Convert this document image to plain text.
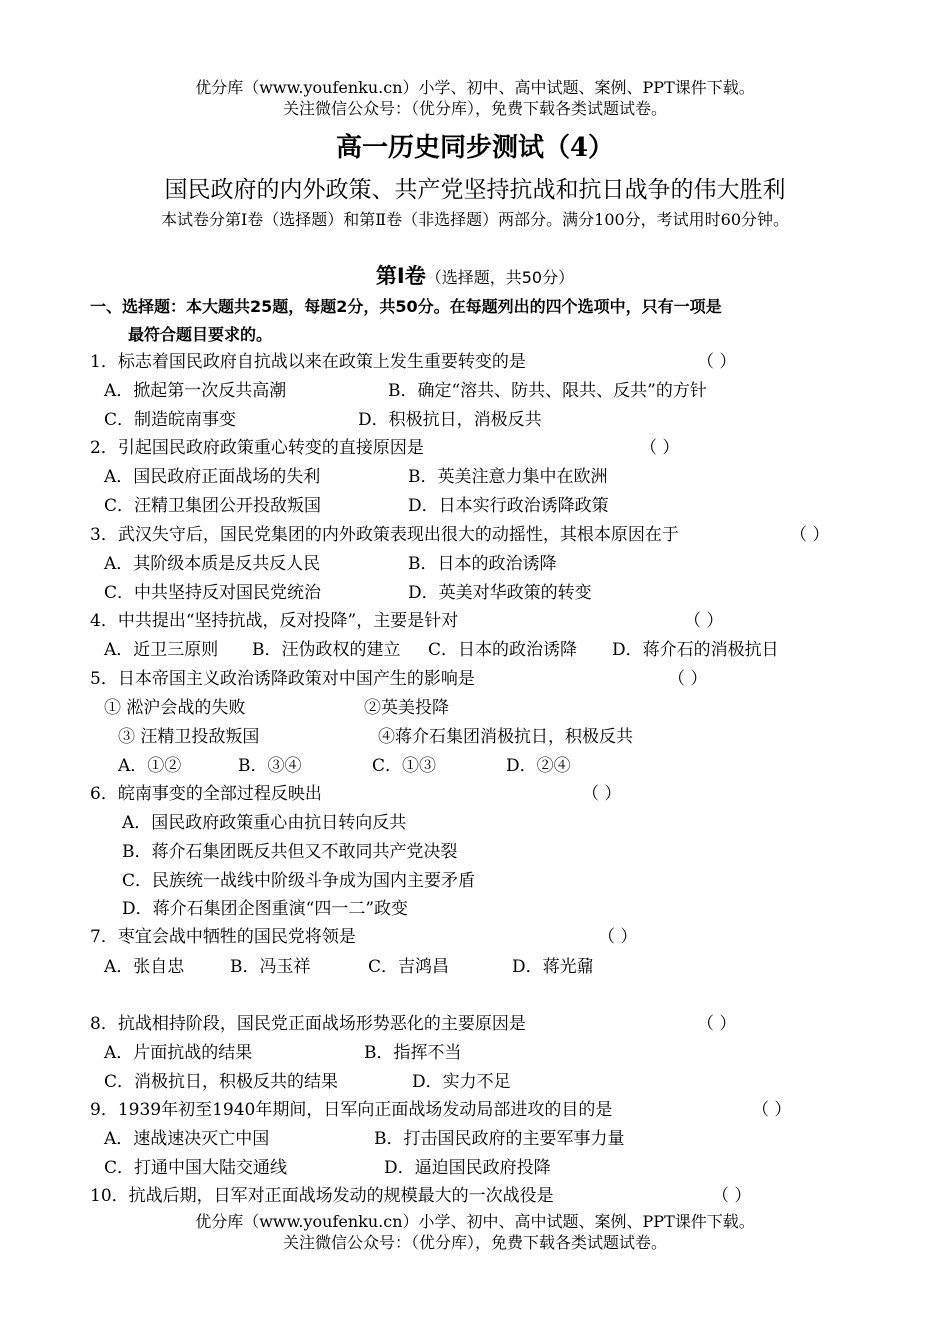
优分库（www.youfenku.cn）小学、初中、高中试题、案例、PPT课件下载。
关注微信公众号：（优分库），免费下载各类试题试卷。
高一历史同步测试（4）
国民政府的内外政策、共产党坚持抗战和抗日战争的伟大胜利
本试卷分第Ⅰ卷（选择题）和第Ⅱ卷（非选择题）两部分。满分100分，考试用时60分钟。
第Ⅰ卷（选择题，共50分）
一、选择题：本大题共25题，每题2分，共50分。在每题列出的四个选项中，只有一项是
最符合题目要求的。
1．标志着国民政府自抗战以来在政策上发生重要转变的是	（ ）
A．掀起第一次反共高潮	B．确定“溶共、防共、限共、反共”的方针
C．制造皖南事变	D．积极抗日，消极反共
2．引起国民政府政策重心转变的直接原因是	（ ）
A．国民政府正面战场的失利	B．英美注意力集中在欧洲
C．汪精卫集团公开投敌叛国	D．日本实行政治诱降政策
3．武汉失守后，国民党集团的内外政策表现出很大的动摇性，其根本原因在于	（ ）
A．其阶级本质是反共反人民	B．日本的政治诱降
C．中共坚持反对国民党统治	D．英美对华政策的转变
4．中共提出“坚持抗战，反对投降”，主要是针对	（ ）
A．近卫三原则 B．汪伪政权的建立 C．日本的政治诱降 D．蒋介石的消极抗日
5．日本帝国主义政治诱降政策对中国产生的影响是	（ ）
① 淞沪会战的失败	②英美投降
③ 汪精卫投敌叛国	④蒋介石集团消极抗日，积极反共
A．①②	B．③④	C．①③	D．②④
6．皖南事变的全部过程反映出	（ ）
A．国民政府政策重心由抗日转向反共
B．蒋介石集团既反共但又不敢同共产党决裂
C．民族统一战线中阶级斗争成为国内主要矛盾
D．蒋介石集团企图重演“四一二”政变
7．枣宜会战中牺牲的国民党将领是	（ ）
A．张自忠	B．冯玉祥	C．吉鸿昌	D．蒋光鼐
8．抗战相持阶段，国民党正面战场形势恶化的主要原因是	（ ）
A．片面抗战的结果	B．指挥不当
C．消极抗日，积极反共的结果	D．实力不足
9．1939年初至1940年期间，日军向正面战场发动局部进攻的目的是	（ ）
A．速战速决灭亡中国	B．打击国民政府的主要军事力量
C．打通中国大陆交通线	D．逼迫国民政府投降
10．抗战后期，日军对正面战场发动的规模最大的一次战役是	（ ）
优分库（www.youfenku.cn）小学、初中、高中试题、案例、PPT课件下载。
关注微信公众号：（优分库），免费下载各类试题试卷。
